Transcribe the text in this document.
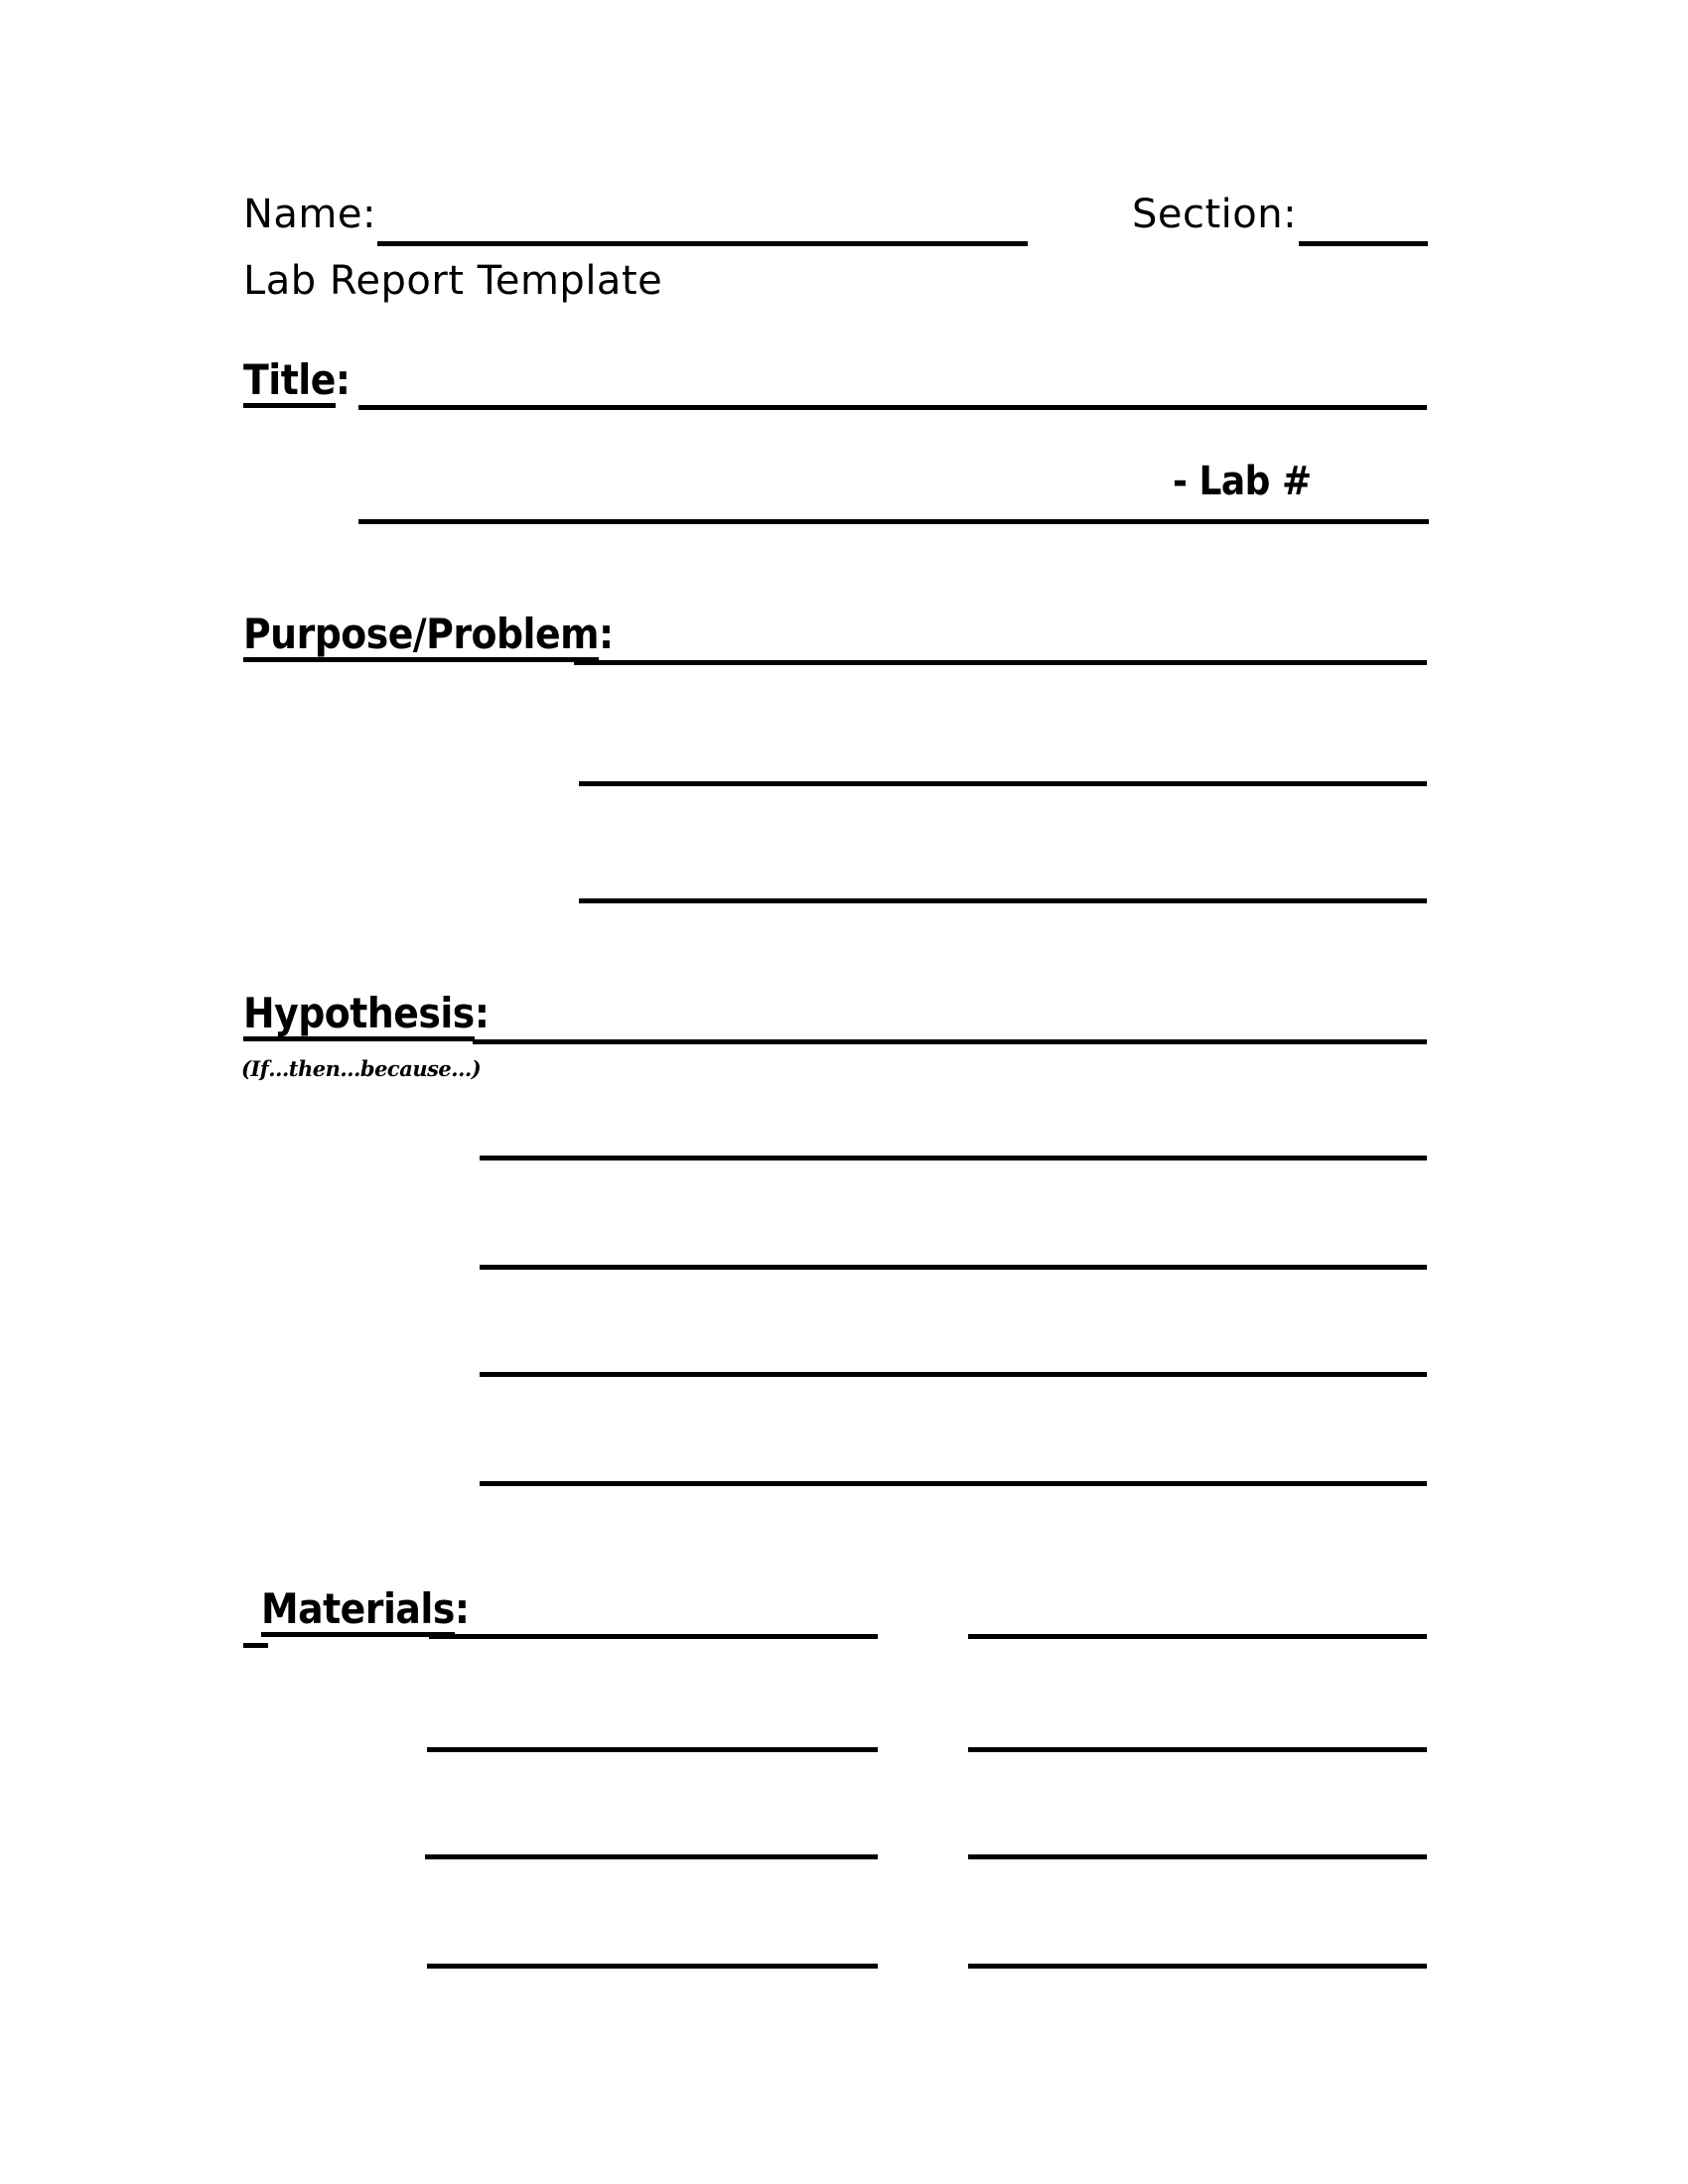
Name:	Section:
Lab Report Template
Title:
- Lab #
Purpose/Problem:
Hypothesis:
(If…then…because…)
Materials:
